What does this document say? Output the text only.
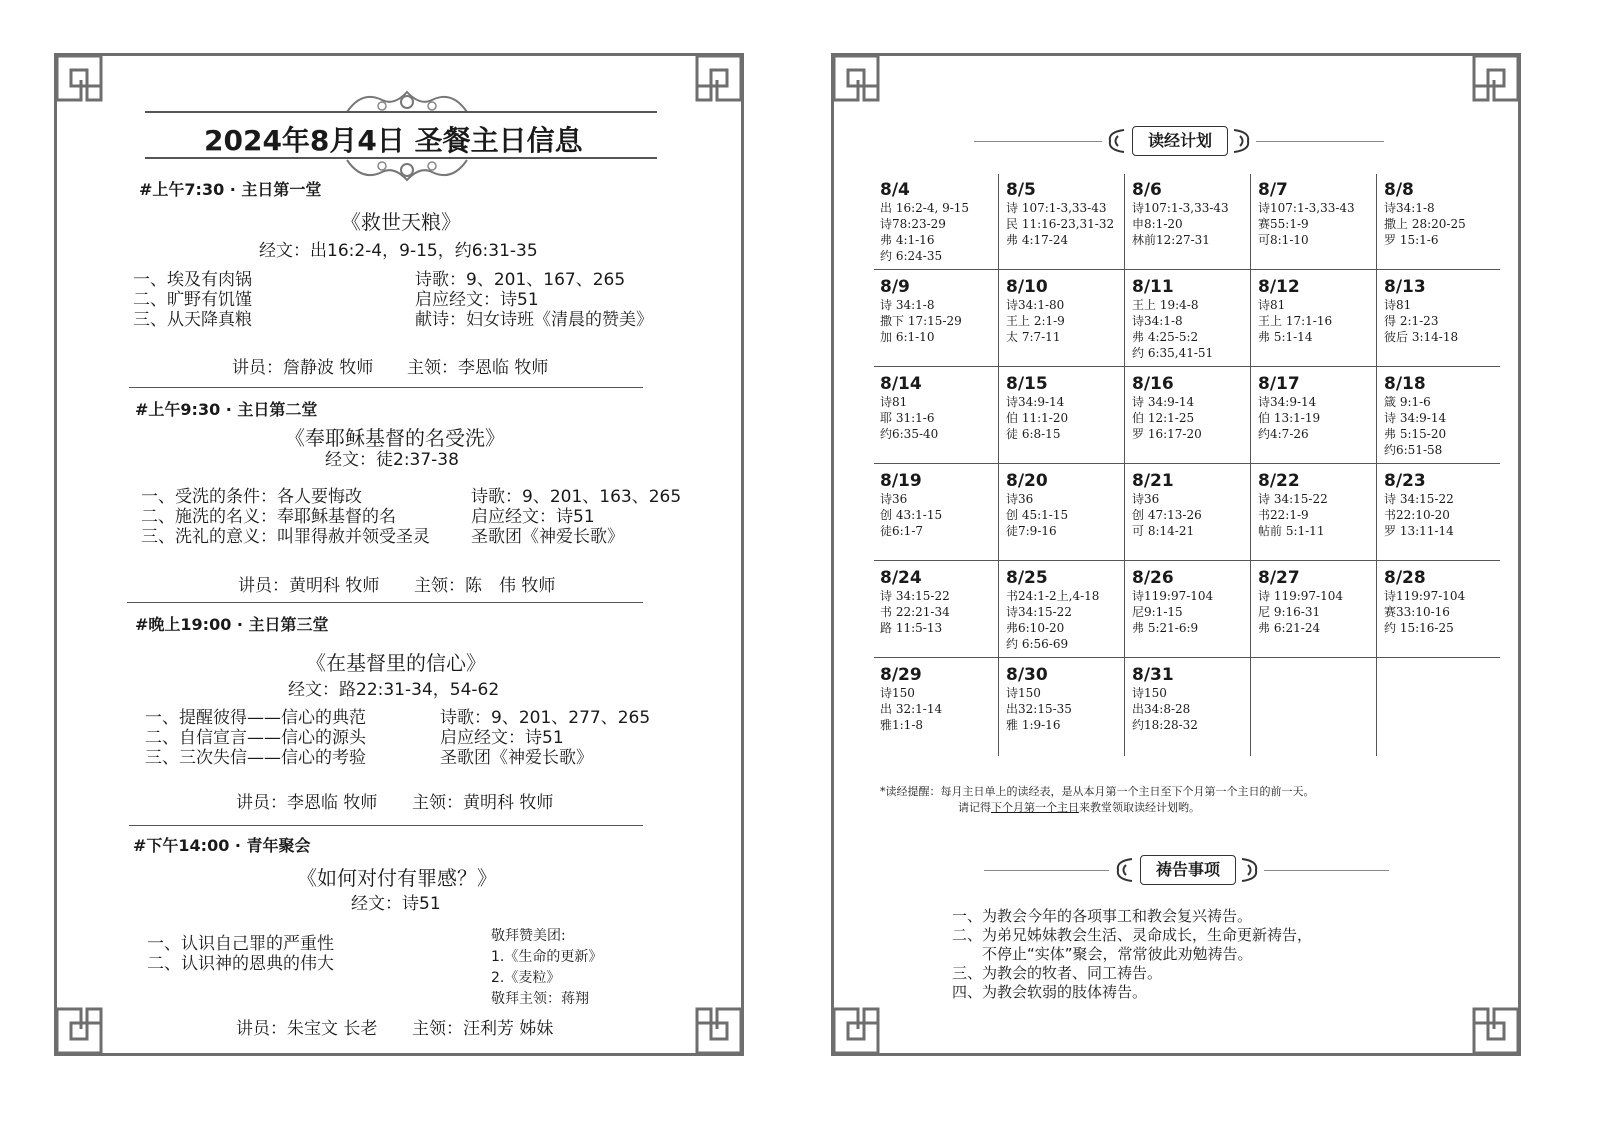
2024年8月4日 圣餐主日信息
#上午7:30 · 主日第一堂
《救世天粮》
经文：出16:2-4，9-15，约6:31-35
一、埃及有肉锅
二、旷野有饥馑
三、从天降真粮
诗歌：9、201、167、265
启应经文：诗51
献诗：妇女诗班《清晨的赞美》
讲员：詹静波 牧师 主领：李恩临 牧师
#上午9:30 · 主日第二堂
《奉耶稣基督的名受洗》
经文：徒2:37-38
一、受洗的条件：各人要悔改
二、施洗的名义：奉耶稣基督的名
三、洗礼的意义：叫罪得赦并领受圣灵
诗歌：9、201、163、265
启应经文：诗51
圣歌团《神爱长歌》
讲员：黄明科 牧师 主领：陈　伟 牧师
#晚上19:00 · 主日第三堂
《在基督里的信心》
经文：路22:31-34，54-62
一、提醒彼得——信心的典范
二、自信宣言——信心的源头
三、三次失信——信心的考验
诗歌：9、201、277、265
启应经文：诗51
圣歌团《神爱长歌》
讲员：李恩临 牧师 主领：黄明科 牧师
#下午14:00 · 青年聚会
《如何对付有罪感？》
经文：诗51
一、认识自己罪的严重性
二、认识神的恩典的伟大
敬拜赞美团:
1.《生命的更新》
2.《麦粒》
敬拜主领：蒋翔
讲员：朱宝文 长老 主领：汪利芳 姊妹
读经计划
8/4
出 16:2-4, 9-15
诗78:23-29
弗 4:1-16
约 6:24-35
8/5
诗 107:1-3,33-43
民 11:16-23,31-32
弗 4:17-24
8/6
诗107:1-3,33-43
申8:1-20
林前12:27-31
8/7
诗107:1-3,33-43
赛55:1-9
可8:1-10
8/8
诗34:1-8
撒上 28:20-25
罗 15:1-6
8/9
诗 34:1-8
撒下 17:15-29
加 6:1-10
8/10
诗34:1-80
王上 2:1-9
太 7:7-11
8/11
王上 19:4-8
诗34:1-8
弗 4:25-5:2
约 6:35,41-51
8/12
诗81
王上 17:1-16
弗 5:1-14
8/13
诗81
得 2:1-23
彼后 3:14-18
8/14
诗81
耶 31:1-6
约6:35-40
8/15
诗34:9-14
伯 11:1-20
徒 6:8-15
8/16
诗 34:9-14
伯 12:1-25
罗 16:17-20
8/17
诗34:9-14
伯 13:1-19
约4:7-26
8/18
箴 9:1-6
诗 34:9-14
弗 5:15-20
约6:51-58
8/19
诗36
创 43:1-15
徒6:1-7
8/20
诗36
创 45:1-15
徒7:9-16
8/21
诗36
创 47:13-26
可 8:14-21
8/22
诗 34:15-22
书22:1-9
帖前 5:1-11
8/23
诗 34:15-22
书22:10-20
罗 13:11-14
8/24
诗 34:15-22
书 22:21-34
路 11:5-13
8/25
书24:1-2上,4-18
诗34:15-22
弗6:10-20
约 6:56-69
8/26
诗119:97-104
尼9:1-15
弗 5:21-6:9
8/27
诗 119:97-104
尼 9:16-31
弗 6:21-24
8/28
诗119:97-104
赛33:10-16
约 15:16-25
8/29
诗150
出 32:1-14
雅1:1-8
8/30
诗150
出32:15-35
雅 1:9-16
8/31
诗150
出34:8-28
约18:28-32
*读经提醒：每月主日单上的读经表，是从本月第一个主日至下个月第一个主日的前一天。
请记得下个月第一个主日来教堂领取读经计划哟。
祷告事项
一、为教会今年的各项事工和教会复兴祷告。
二、为弟兄姊妹教会生活、灵命成长，生命更新祷告，
　　不停止“实体”聚会，常常彼此劝勉祷告。
三、为教会的牧者、同工祷告。
四、为教会软弱的肢体祷告。
